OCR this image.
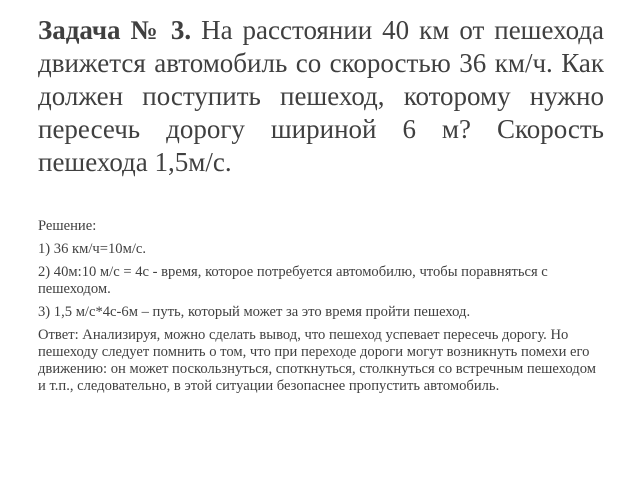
Задача № 3. На расстоянии 40 км от пешехода движется автомобиль со скоростью 36 км/ч. Как должен поступить пешеход, которому нужно пересечь дорогу шириной 6 м? Скорость пешехода 1,5м/с.

Решение:

1) 36 км/ч=10м/с.

2) 40м:10 м/с = 4с - время, которое потребуется автомобилю, чтобы поравняться с пешеходом.

3) 1,5 м/с*4с-6м – путь, который может за это время пройти пешеход.

Ответ: Анализируя, можно сделать вывод, что пешеход успевает пересечь дорогу. Но пешеходу следует помнить о том, что при переходе дороги могут возникнуть помехи его движению: он может поскользнуться, споткнуться, столкнуться со встречным пешеходом и т.п., следовательно, в этой ситуации безопаснее пропустить автомобиль.
